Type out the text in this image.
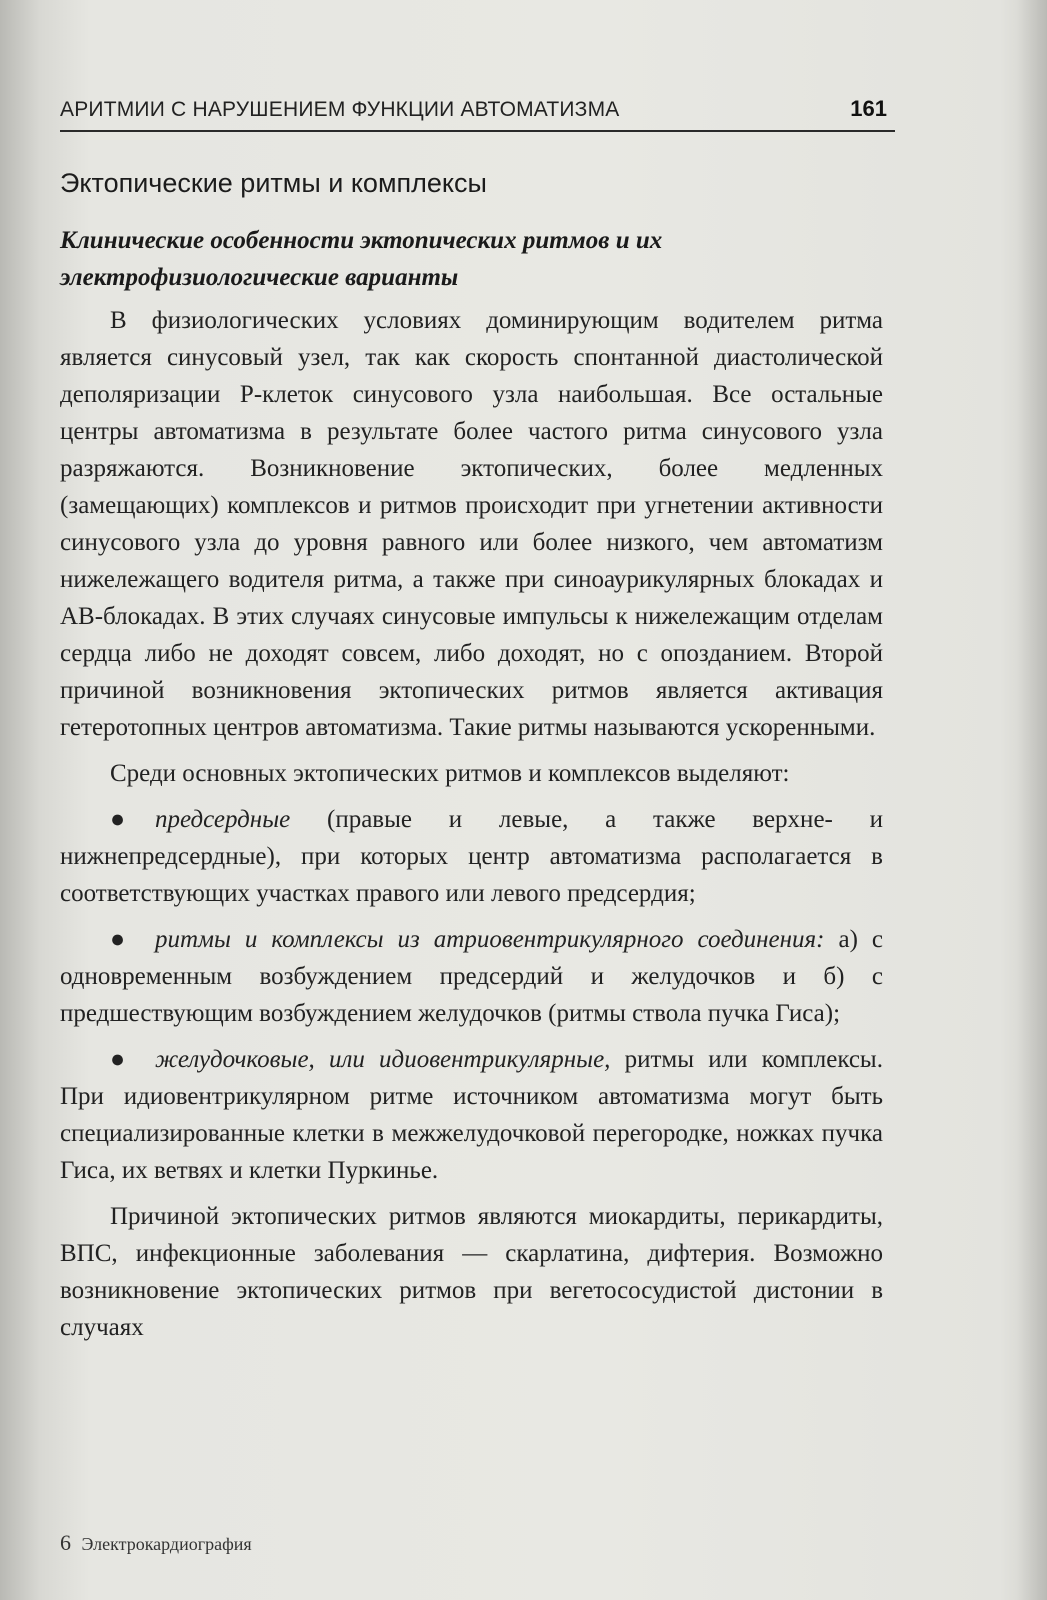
АРИТМИИ С НАРУШЕНИЕМ ФУНКЦИИ АВТОМАТИЗМА	161
Эктопические ритмы и комплексы
Клинические особенности эктопических ритмов и их электрофизиологические варианты

В физиологических условиях доминирующим водителем ритма является синусовый узел, так как скорость спонтанной диастолической деполяризации Р-клеток синусового узла наибольшая. Все остальные центры автоматизма в результате более частого ритма синусового узла разряжаются. Возникновение эктопических, более медленных (замещающих) комплексов и ритмов происходит при угнетении активности синусового узла до уровня равного или более низкого, чем автоматизм нижележащего водителя ритма, а также при синоаурикулярных блокадах и АВ-блокадах. В этих случаях синусовые импульсы к нижележащим отделам сердца либо не доходят совсем, либо доходят, но с опозданием. Второй причиной возникновения эктопических ритмов является активация гетеротопных центров автоматизма. Такие ритмы называются ускоренными.

Среди основных эктопических ритмов и комплексов выделяют:

● предсердные (правые и левые, а также верхне- и нижнепредсердные), при которых центр автоматизма располагается в соответствующих участках правого или левого предсердия;
● ритмы и комплексы из атриовентрикулярного соединения: а) с одновременным возбуждением предсердий и желудочков и б) с предшествующим возбуждением желудочков (ритмы ствола пучка Гиса);
● желудочковые, или идиовентрикулярные, ритмы или комплексы. При идиовентрикулярном ритме источником автоматизма могут быть специализированные клетки в межжелудочковой перегородке, ножках пучка Гиса, их ветвях и клетки Пуркинье.

Причиной эктопических ритмов являются миокардиты, перикардиты, ВПС, инфекционные заболевания — скарлатина, дифтерия. Возможно возникновение эктопических ритмов при вегетососудистой дистонии в случаях

6 Электрокардиография
